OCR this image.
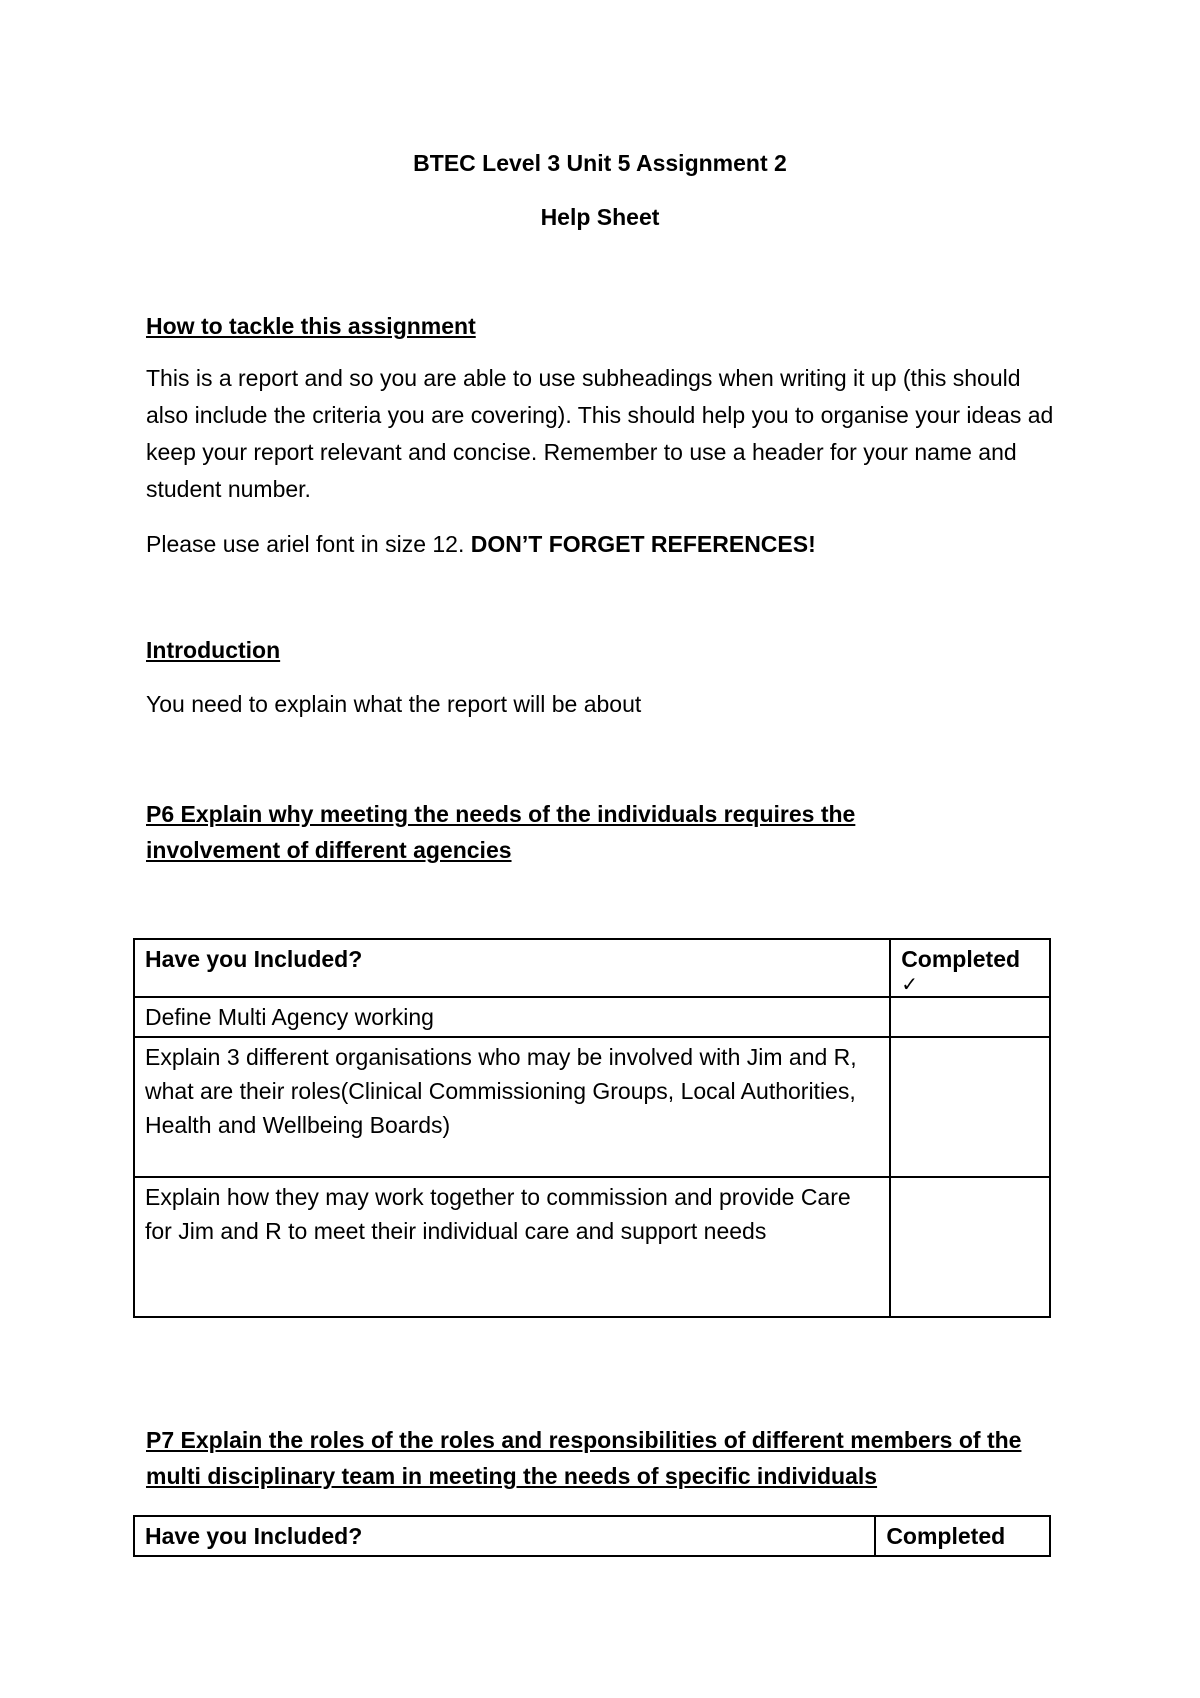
BTEC Level 3 Unit 5 Assignment 2
Help Sheet
How to tackle this assignment
This is a report and so you are able to use subheadings when writing it up (this should also include the criteria you are covering). This should help you to organise your ideas ad keep your report relevant and concise. Remember to use a header for your name and student number.
Please use ariel font in size 12. DON’T FORGET REFERENCES!
Introduction
You need to explain what the report will be about
P6 Explain why meeting the needs of the individuals requires the involvement of different agencies
Have you Included?	Completed
✓

Define Multi Agency working	
Explain 3 different organisations who may be involved with Jim and R, what are their roles(Clinical Commissioning Groups, Local Authorities, Health and Wellbeing Boards)	
Explain how they may work together to commission and provide Care for Jim and R to meet their individual care and support needs	
P7 Explain the roles of the roles and responsibilities of different members of the multi disciplinary team in meeting the needs of specific individuals
Have you Included?	Completed
